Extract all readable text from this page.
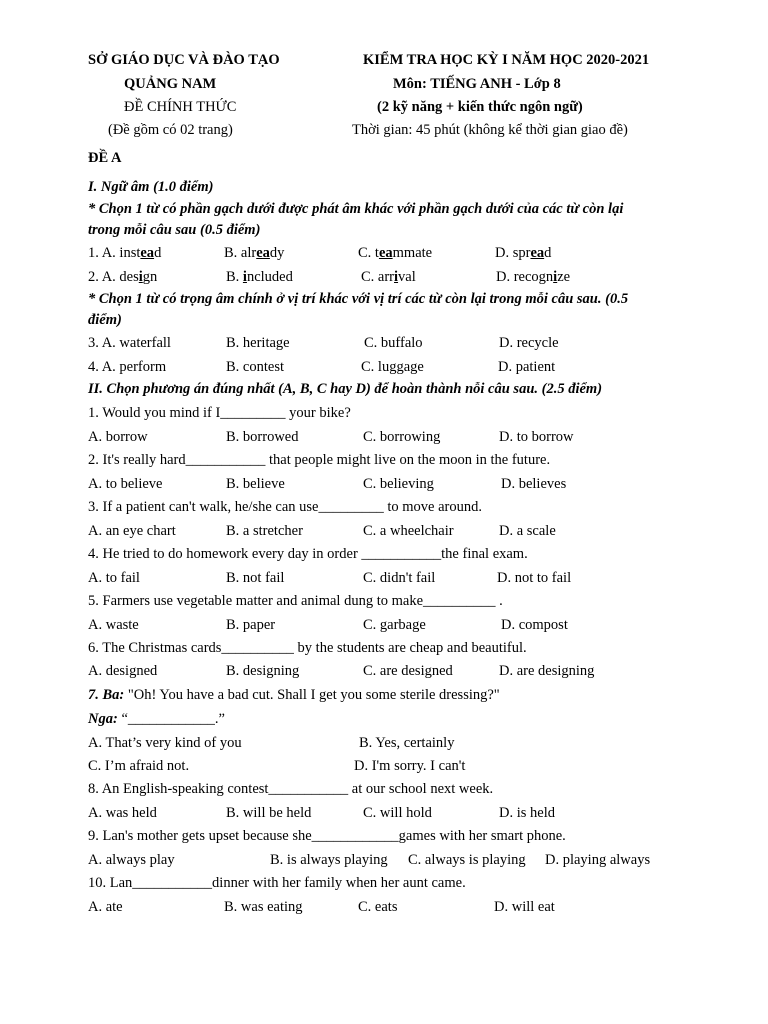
SỞ GIÁO DỤC VÀ ĐÀO TẠO
QUẢNG NAM
ĐỀ CHÍNH THỨC
(Đề gồm có 02 trang)
KIỂM TRA HỌC KỲ I NĂM HỌC 2020-2021
Môn: TIẾNG ANH - Lớp 8
(2 kỹ năng + kiến thức ngôn ngữ)
Thời gian: 45 phút (không kể thời gian giao đề)
ĐỀ A
I. Ngữ âm (1.0 điểm)
* Chọn 1 từ có phần gạch dưới được phát âm khác với phần gạch dưới của các từ còn lại
trong mỗi câu sau (0.5 điểm)
1. A. instead	B. already	C. teammate	D. spread
2. A. design	B. included	C. arrival	D. recognize
* Chọn 1 từ có trọng âm chính ở vị trí khác với vị trí các từ còn lại trong mỗi câu sau. (0.5
điểm)
3. A. waterfall	B. heritage	C. buffalo	D. recycle
4. A. perform	B. contest	C. luggage	D. patient
II. Chọn phương án đúng nhất (A, B, C hay D) để hoàn thành nỗi câu sau. (2.5 điểm)
1. Would you mind if I_________ your bike?
A. borrow	B. borrowed	C. borrowing	D. to borrow
2. It's really hard___________ that people might live on the moon in the future.
A. to believe	B. believe	C. believing	D. believes
3. If a patient can't walk, he/she can use_________ to move around.
A. an eye chart	B. a stretcher	C. a wheelchair	D. a scale
4. He tried to do homework every day in order ___________the final exam.
A. to fail	B. not fail	C. didn't fail	D. not to fail
5. Farmers use vegetable matter and animal dung to make__________ .
A. waste	B. paper	C. garbage	D. compost
6. The Christmas cards__________ by the students are cheap and beautiful.
A. designed	B. designing	C. are designed	D. are designing
7. Ba: "Oh! You have a bad cut. Shall I get you some sterile dressing?"
Nga: “____________.”
A. That’s very kind of you	B. Yes, certainly
C. I’m afraid not.	D. I'm sorry. I can't
8. An English-speaking contest___________ at our school next week.
A. was held	B. will be held	C. will hold	D. is held
9. Lan's mother gets upset because she____________games with her smart phone.
A. always play	B. is always playing C. always is playing D. playing always
10. Lan___________dinner with her family when her aunt came.
A. ate	B. was eating	C. eats	D. will eat
